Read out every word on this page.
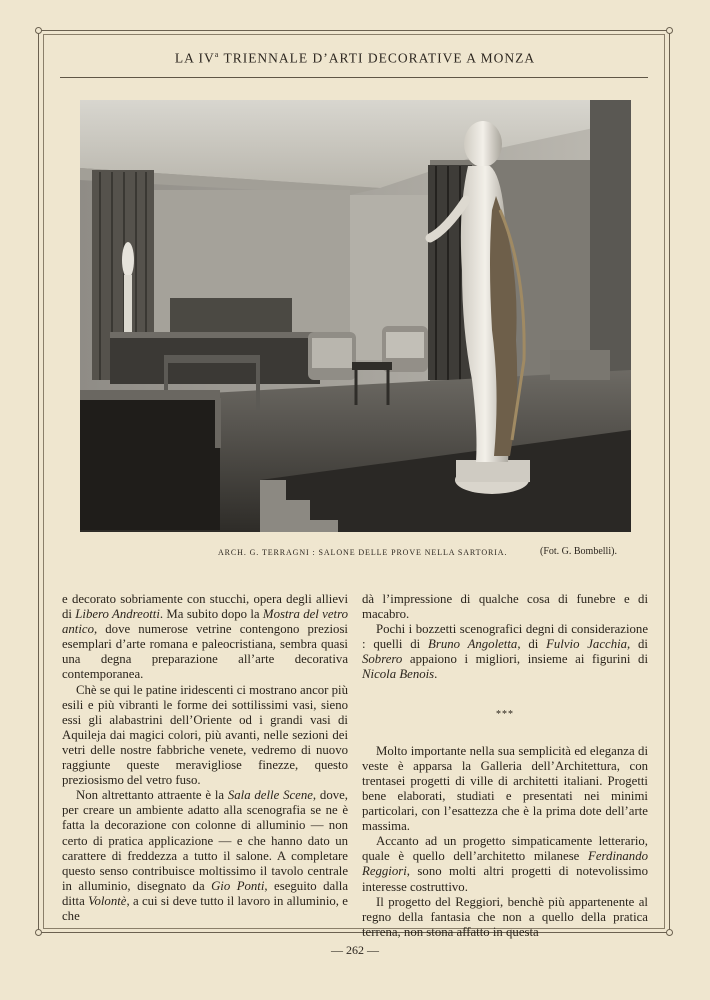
LA $IV^a$ TRIENNALE D’ARTI DECORATIVE A MONZA
ARCH. G. TERRAGNI : SALONE DELLE PROVE NELLA SARTORIA.	(Fot. G. Bombelli).

e decorato sobriamente con stucchi, opera degli allievi di Libero Andreotti. Ma subito dopo la Mostra del vetro antico, dove numerose vetrine contengono preziosi esemplari d’arte romana e paleocristiana, sembra quasi una degna preparazione all’arte decorativa contemporanea.

Chè se qui le patine iridescenti ci mostrano ancor più esili e più vibranti le forme dei sottilissimi vasi, sieno essi gli alabastrini dell’Oriente od i grandi vasi di Aquileja dai magici colori, più avanti, nelle sezioni dei vetri delle nostre fabbriche venete, vedremo di nuovo raggiunte queste meravigliose finezze, questo preziosismo del vetro fuso.

Non altrettanto attraente è la Sala delle Scene, dove, per creare un ambiente adatto alla scenografia se ne è fatta la decorazione con colonne di alluminio — non certo di pratica applicazione — e che hanno dato un carattere di freddezza a tutto il salone. A completare questo senso contribuisce moltissimo il tavolo centrale in alluminio, disegnato da Gio Ponti, eseguito dalla ditta Volontè, a cui si deve tutto il lavoro in alluminio, e che

dà l’impressione di qualche cosa di funebre e di macabro.

Pochi i bozzetti scenografici degni di considerazione : quelli di Bruno Angoletta, di Fulvio Jacchia, di Sobrero appaiono i migliori, insieme ai figurini di Nicola Benois.

***

Molto importante nella sua semplicità ed eleganza di veste è apparsa la Galleria dell’Architettura, con trentasei progetti di ville di architetti italiani. Progetti bene elaborati, studiati e presentati nei minimi particolari, con l’esattezza che è la prima dote dell’arte massima.

Accanto ad un progetto simpaticamente letterario, quale è quello dell’architetto milanese Ferdinando Reggiori, sono molti altri progetti di notevolissimo interesse costruttivo.

Il progetto del Reggiori, benchè più appartenente al regno della fantasia che non a quello della pratica terrena, non stona affatto in questa

— 262 —
